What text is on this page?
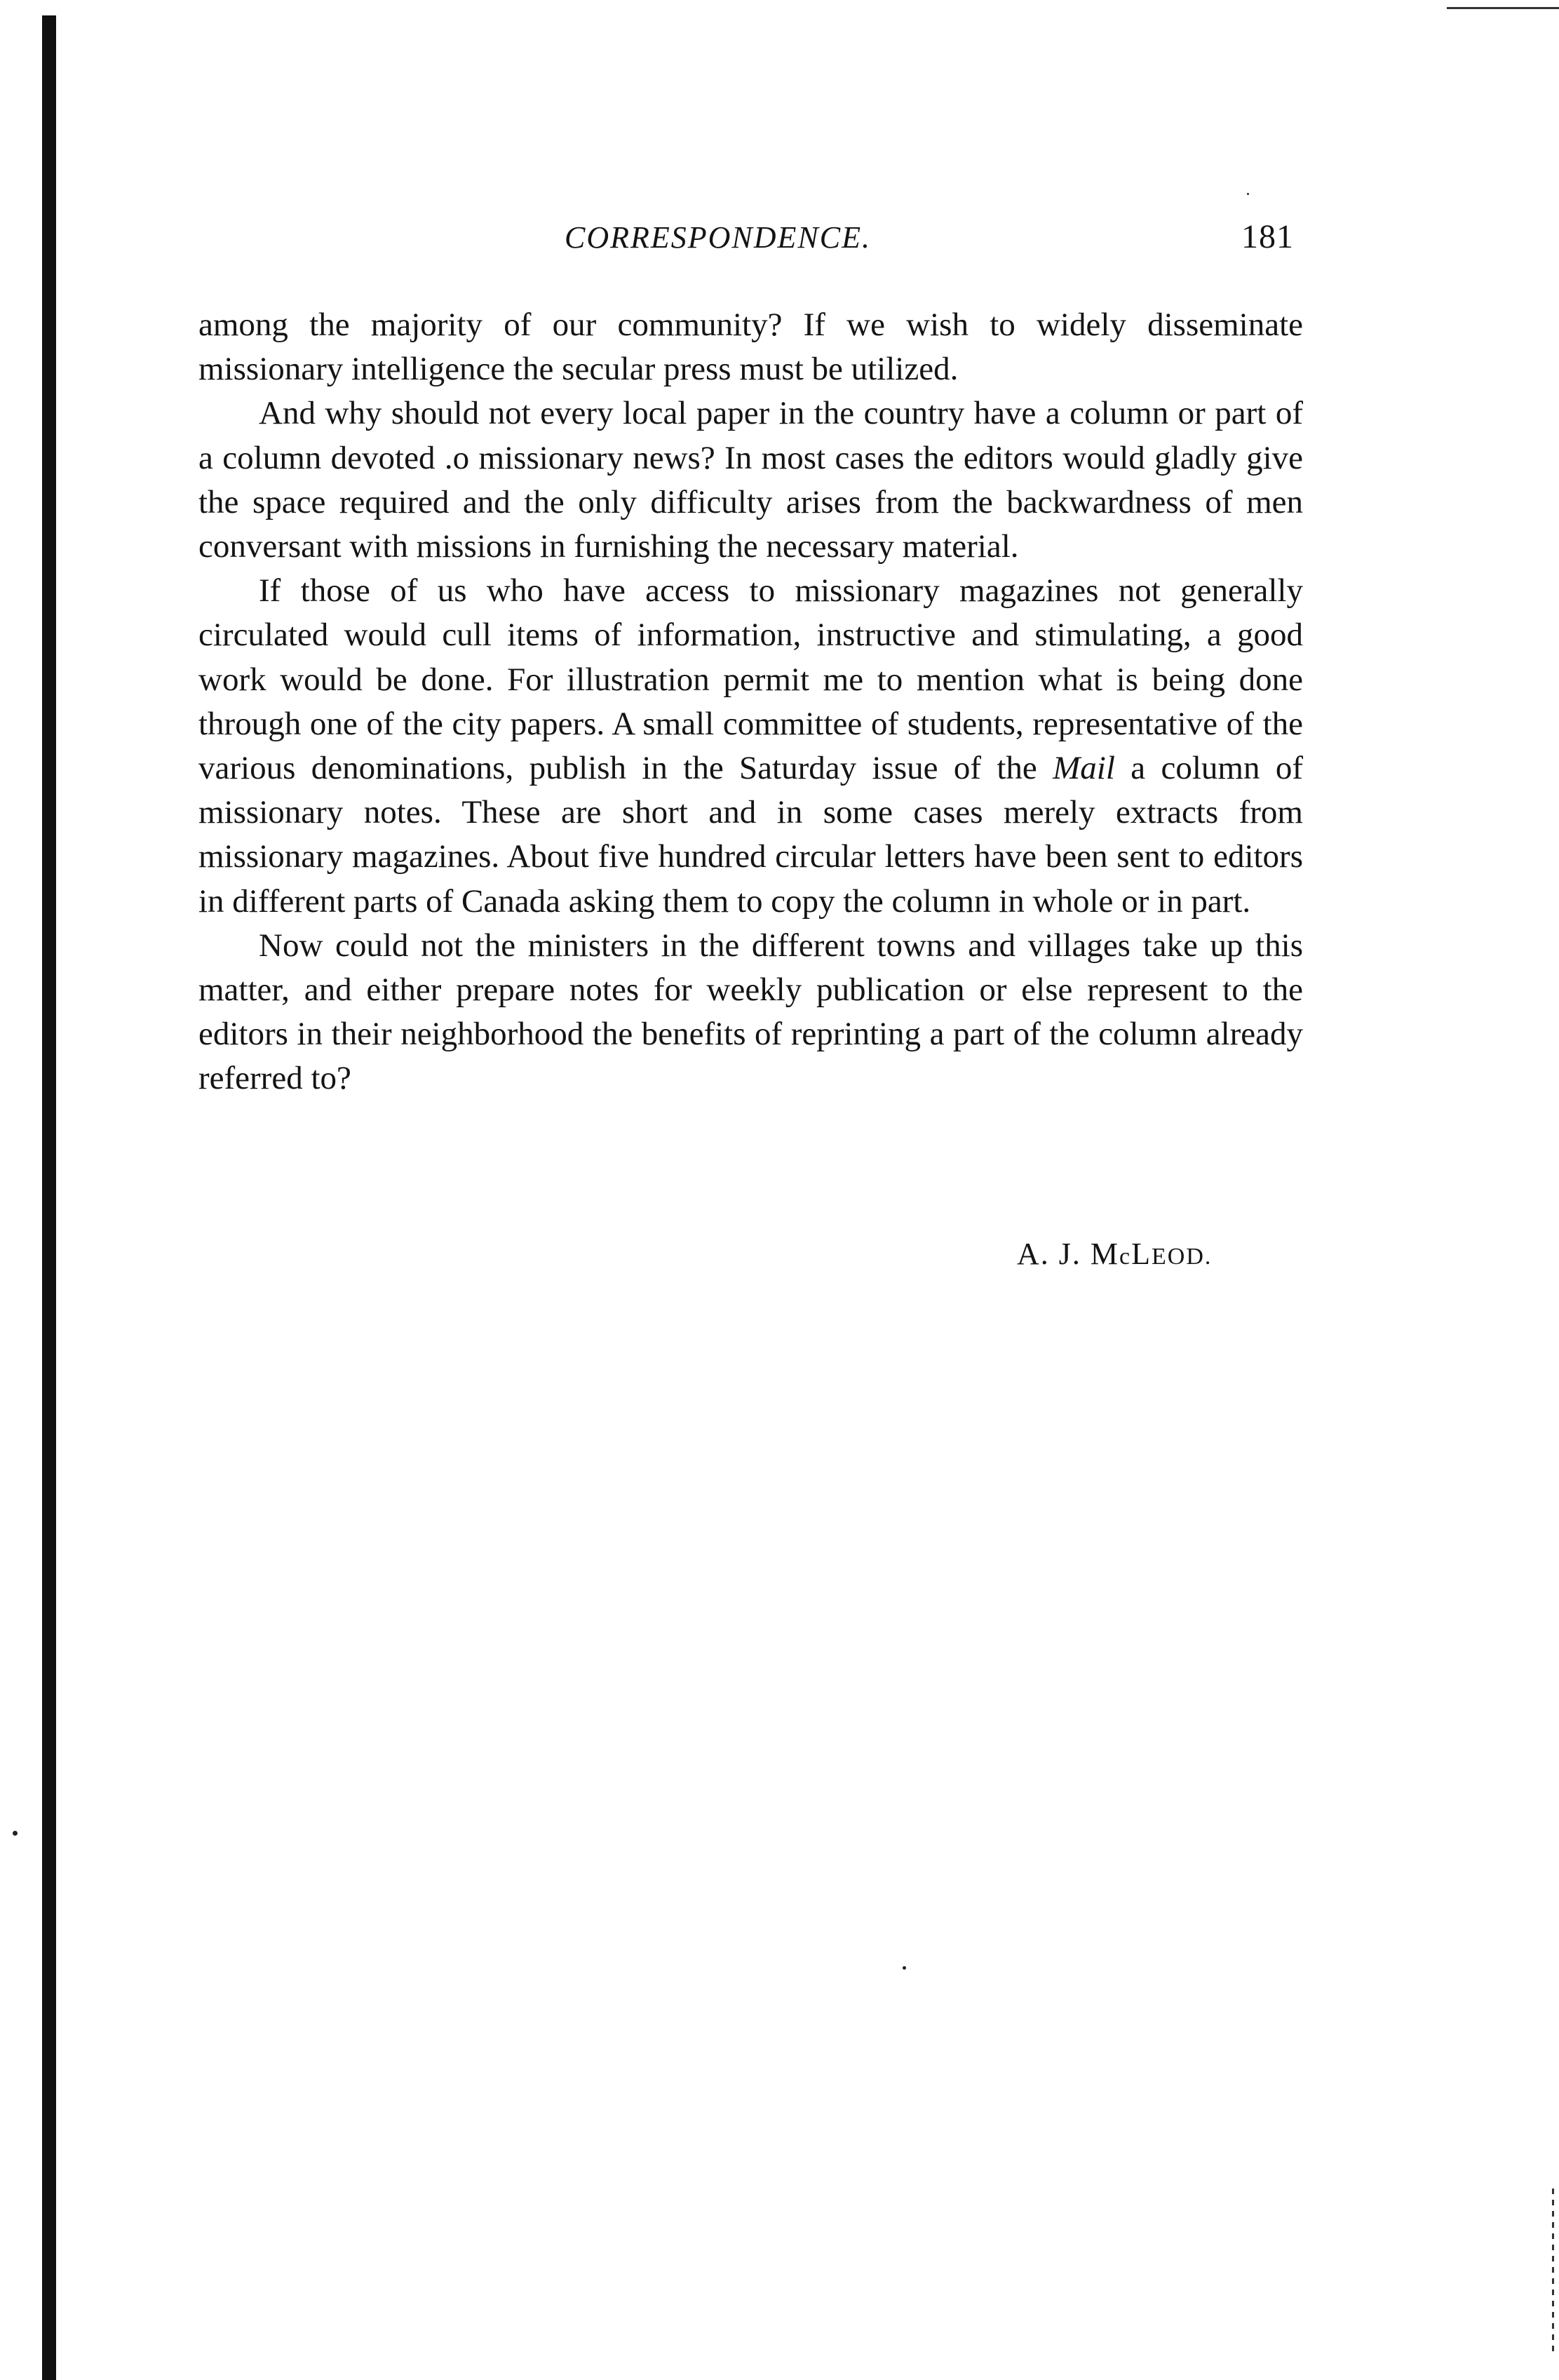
CORRESPONDENCE.	181

among the majority of our community? If we wish to widely disseminate missionary intelligence the secular press must be utilized.

And why should not every local paper in the country have a column or part of a column devoted .o missionary news? In most cases the editors would gladly give the space required and the only difficulty arises from the backwardness of men conversant with missions in furnishing the necessary material.

If those of us who have access to missionary magazines not generally circulated would cull items of information, instructive and stimulating, a good work would be done. For illustration permit me to mention what is being done through one of the city papers. A small committee of students, representative of the various denominations, publish in the Saturday issue of the Mail a column of missionary notes. These are short and in some cases merely extracts from missionary magazines. About five hundred circular letters have been sent to editors in different parts of Canada asking them to copy the column in whole or in part.

Now could not the ministers in the different towns and villages take up this matter, and either prepare notes for weekly publication or else represent to the editors in their neighborhood the benefits of reprinting a part of the column already referred to?

A. J. McLEOD.
